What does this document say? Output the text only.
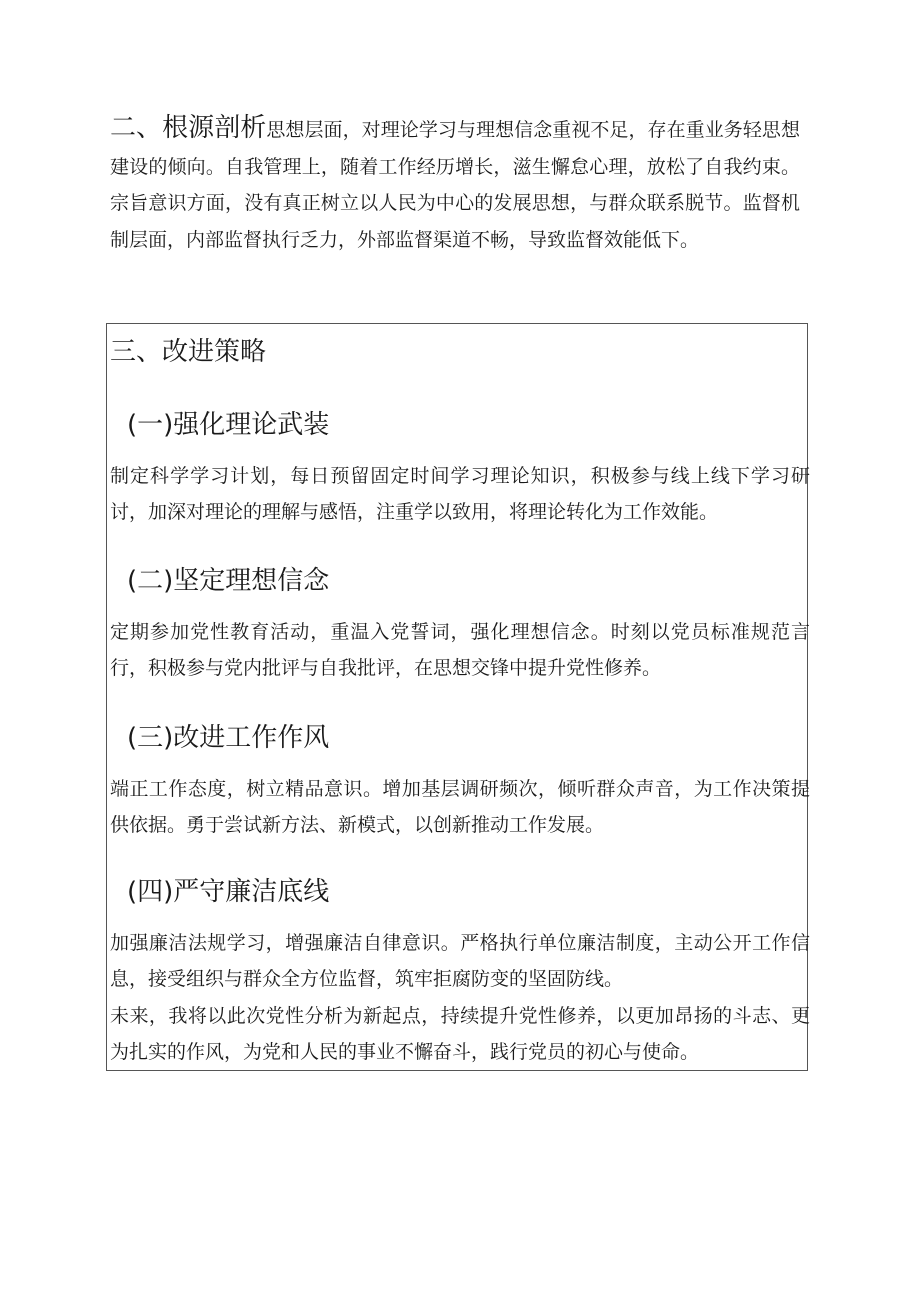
二、根源剖析思想层面，对理论学习与理想信念重视不足，存在重业务轻思想建设的倾向。自我管理上，随着工作经历增长，滋生懈怠心理，放松了自我约束。宗旨意识方面，没有真正树立以人民为中心的发展思想，与群众联系脱节。监督机制层面，内部监督执行乏力，外部监督渠道不畅，导致监督效能低下。
三、改进策略
(一)强化理论武装

制定科学学习计划，每日预留固定时间学习理论知识，积极参与线上线下学习研讨，加深对理论的理解与感悟，注重学以致用，将理论转化为工作效能。

(二)坚定理想信念

定期参加党性教育活动，重温入党誓词，强化理想信念。时刻以党员标准规范言行，积极参与党内批评与自我批评，在思想交锋中提升党性修养。

(三)改进工作作风

端正工作态度，树立精品意识。增加基层调研频次，倾听群众声音，为工作决策提供依据。勇于尝试新方法、新模式，以创新推动工作发展。

(四)严守廉洁底线

加强廉洁法规学习，增强廉洁自律意识。严格执行单位廉洁制度，主动公开工作信息，接受组织与群众全方位监督，筑牢拒腐防变的坚固防线。

未来，我将以此次党性分析为新起点，持续提升党性修养，以更加昂扬的斗志、更为扎实的作风，为党和人民的事业不懈奋斗，践行党员的初心与使命。
